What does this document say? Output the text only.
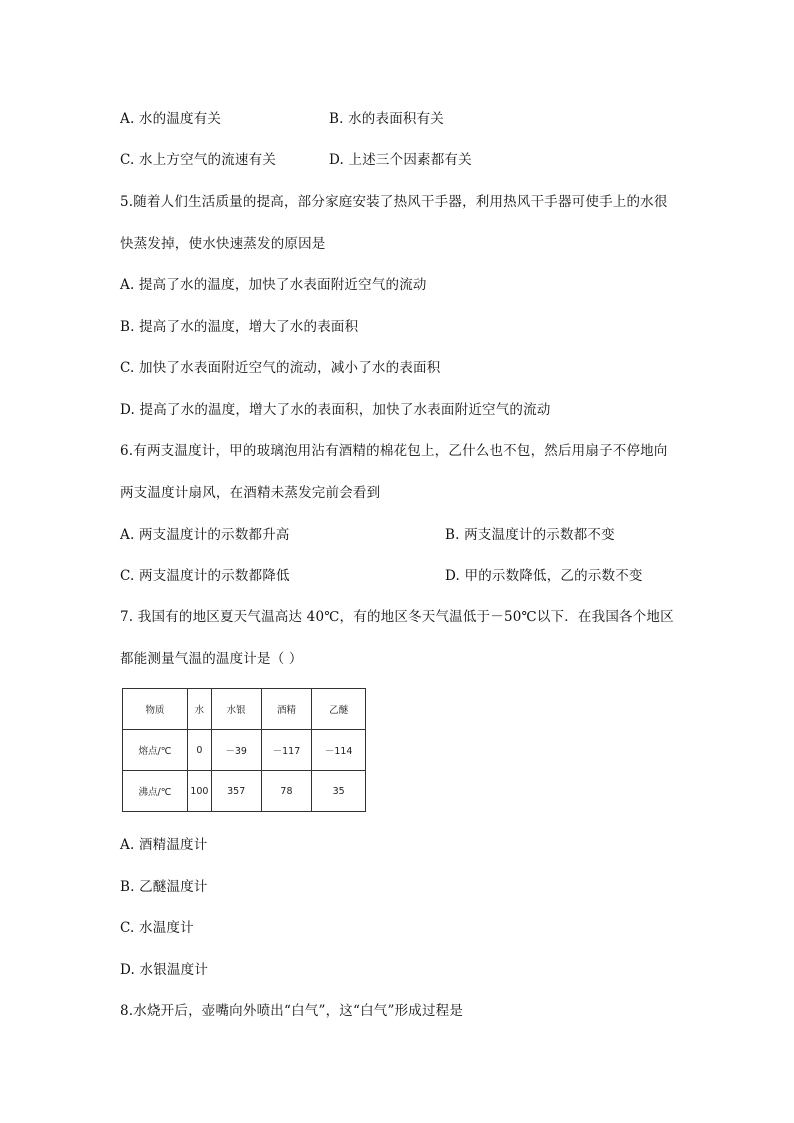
A. 水的温度有关	B. 水的表面积有关
C. 水上方空气的流速有关	D. 上述三个因素都有关
5.随着人们生活质量的提高，部分家庭安装了热风干手器，利用热风干手器可使手上的水很
快蒸发掉，使水快速蒸发的原因是
A. 提高了水的温度，加快了水表面附近空气的流动
B. 提高了水的温度，增大了水的表面积
C. 加快了水表面附近空气的流动，减小了水的表面积
D. 提高了水的温度，增大了水的表面积，加快了水表面附近空气的流动
6.有两支温度计，甲的玻璃泡用沾有酒精的棉花包上，乙什么也不包，然后用扇子不停地向
两支温度计扇风，在酒精未蒸发完前会看到
A. 两支温度计的示数都升高	B. 两支温度计的示数都不变
C. 两支温度计的示数都降低	D. 甲的示数降低，乙的示数不变
7. 我国有的地区夏天气温高达 40℃，有的地区冬天气温低于－50℃以下．在我国各个地区
都能测量气温的温度计是（ ）
物质	水	水银	酒精	乙醚
熔点/℃	0	－39	－117	－114
沸点/℃	100	357	78	35
A. 酒精温度计
B. 乙醚温度计
C. 水温度计
D. 水银温度计
8.水烧开后，壶嘴向外喷出“白气”，这“白气”形成过程是
